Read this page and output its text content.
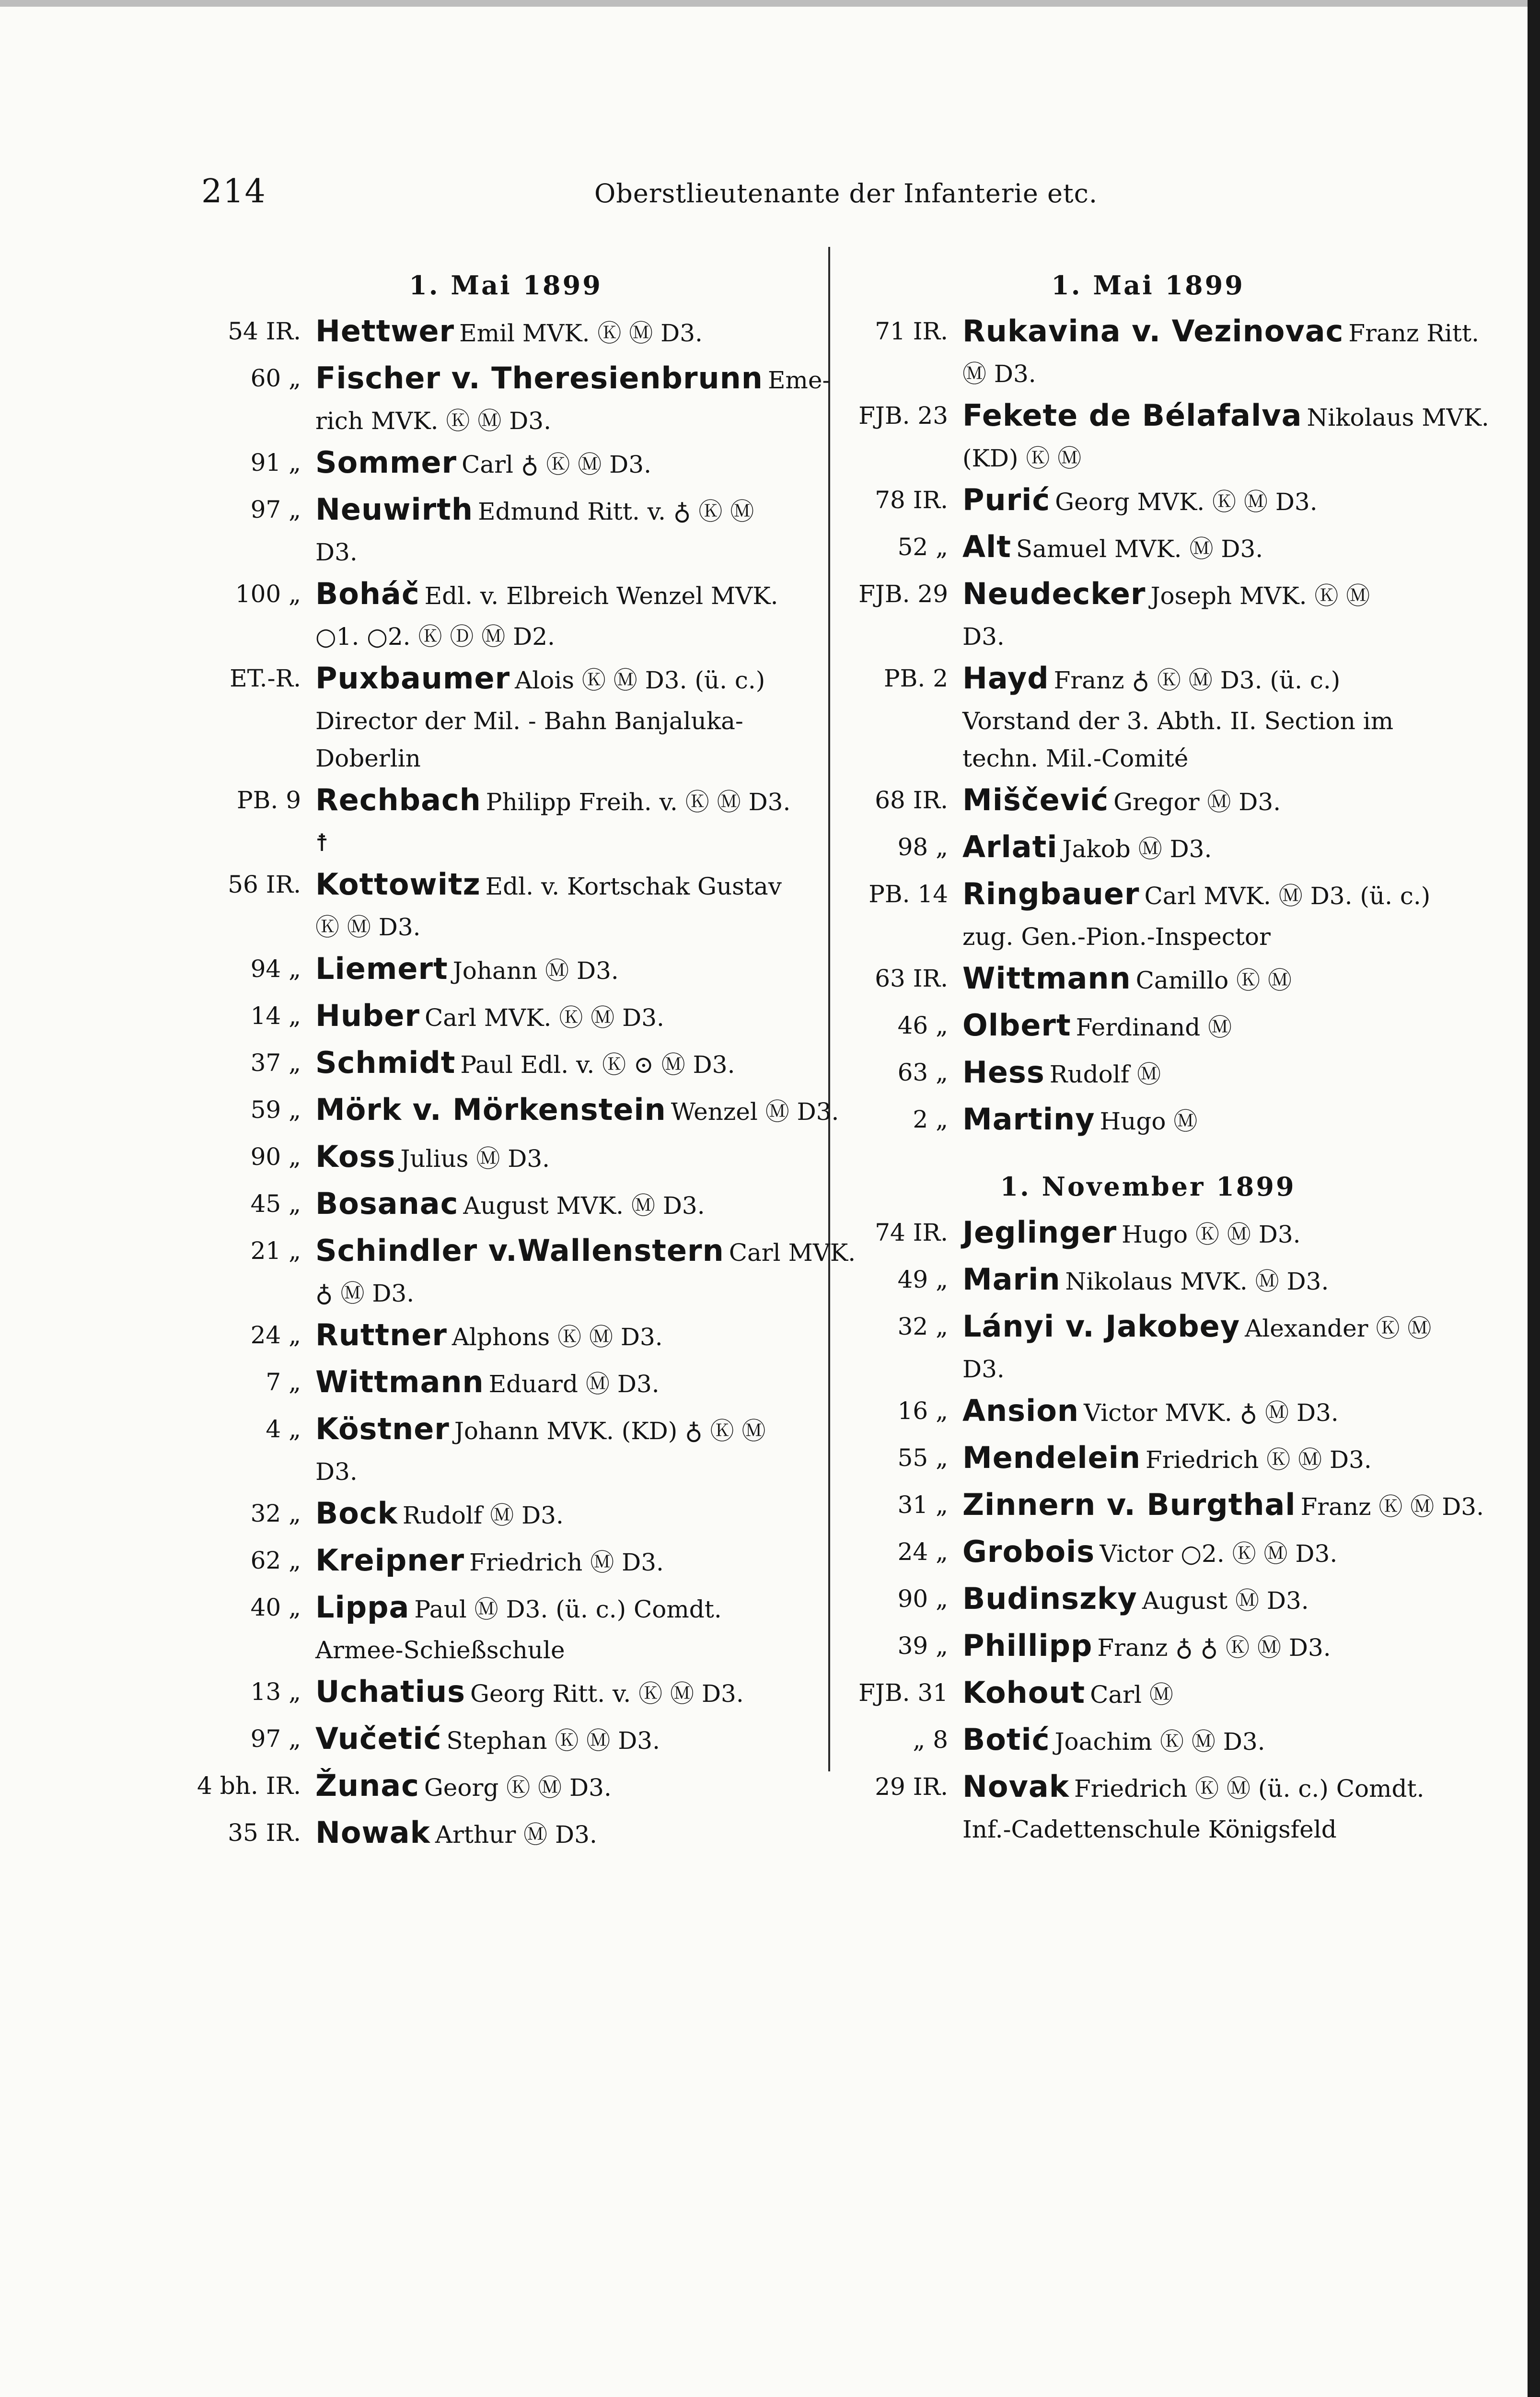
214	Oberstlieutenante der Infanterie etc.
1. Mai 1899
54 IR. Hettwer Emil MVK. Ⓚ Ⓜ D3.
60 „ Fischer v. Theresienbrunn Eme-
rich MVK. Ⓚ Ⓜ D3.
91 „ Sommer Carl ♁ Ⓚ Ⓜ D3.
97 „ Neuwirth Edmund Ritt. v. ♁ Ⓚ Ⓜ
D3.
100 „ Boháč Edl. v. Elbreich Wenzel MVK.
○1. ○2. Ⓚ Ⓓ Ⓜ D2.
ET.-R. Puxbaumer Alois Ⓚ Ⓜ D3. (ü. c.)
Director der Mil. - Bahn Banjaluka-Doberlin
PB. 9 Rechbach Philipp Freih. v. Ⓚ Ⓜ D3.
☨
56 IR. Kottowitz Edl. v. Kortschak Gustav
Ⓚ Ⓜ D3.
94 „ Liemert Johann Ⓜ D3.
14 „ Huber Carl MVK. Ⓚ Ⓜ D3.
37 „ Schmidt Paul Edl. v. Ⓚ ⊙ Ⓜ D3.
59 „ Mörk v. Mörkenstein Wenzel Ⓜ D3.
90 „ Koss Julius Ⓜ D3.
45 „ Bosanac August MVK. Ⓜ D3.
21 „ Schindler v.Wallenstern Carl MVK.
♁ Ⓜ D3.
24 „ Ruttner Alphons Ⓚ Ⓜ D3.
7 „ Wittmann Eduard Ⓜ D3.
4 „ Köstner Johann MVK. (KD) ♁ Ⓚ Ⓜ
D3.
32 „ Bock Rudolf Ⓜ D3.
62 „ Kreipner Friedrich Ⓜ D3.
40 „ Lippa Paul Ⓜ D3. (ü. c.) Comdt.
Armee-Schießschule
13 „ Uchatius Georg Ritt. v. Ⓚ Ⓜ D3.
97 „ Vučetić Stephan Ⓚ Ⓜ D3.
4 bh. IR. Žunac Georg Ⓚ Ⓜ D3.
35 IR. Nowak Arthur Ⓜ D3.
1. Mai 1899
71 IR. Rukavina v. Vezinovac Franz Ritt.
Ⓜ D3.
FJB. 23 Fekete de Bélafalva Nikolaus MVK.
(KD) Ⓚ Ⓜ
78 IR. Purić Georg MVK. Ⓚ Ⓜ D3.
52 „ Alt Samuel MVK. Ⓜ D3.
FJB. 29 Neudecker Joseph MVK. Ⓚ Ⓜ
D3.
PB. 2 Hayd Franz ♁ Ⓚ Ⓜ D3. (ü. c.)
Vorstand der 3. Abth. II. Section im techn. Mil.-Comité
68 IR. Miščević Gregor Ⓜ D3.
98 „ Arlati Jakob Ⓜ D3.
PB. 14 Ringbauer Carl MVK. Ⓜ D3. (ü. c.)
zug. Gen.-Pion.-Inspector
63 IR. Wittmann Camillo Ⓚ Ⓜ
46 „ Olbert Ferdinand Ⓜ
63 „ Hess Rudolf Ⓜ
2 „ Martiny Hugo Ⓜ
1. November 1899
74 IR. Jeglinger Hugo Ⓚ Ⓜ D3.
49 „ Marin Nikolaus MVK. Ⓜ D3.
32 „ Lányi v. Jakobey Alexander Ⓚ Ⓜ
D3.
16 „ Ansion Victor MVK. ♁ Ⓜ D3.
55 „ Mendelein Friedrich Ⓚ Ⓜ D3.
31 „ Zinnern v. Burgthal Franz Ⓚ Ⓜ D3.
24 „ Grobois Victor ○2. Ⓚ Ⓜ D3.
90 „ Budinszky August Ⓜ D3.
39 „ Phillipp Franz ♁ ♁ Ⓚ Ⓜ D3.
FJB. 31 Kohout Carl Ⓜ
„ 8 Botić Joachim Ⓚ Ⓜ D3.
29 IR. Novak Friedrich Ⓚ Ⓜ (ü. c.) Comdt.
Inf.-Cadettenschule Königsfeld
